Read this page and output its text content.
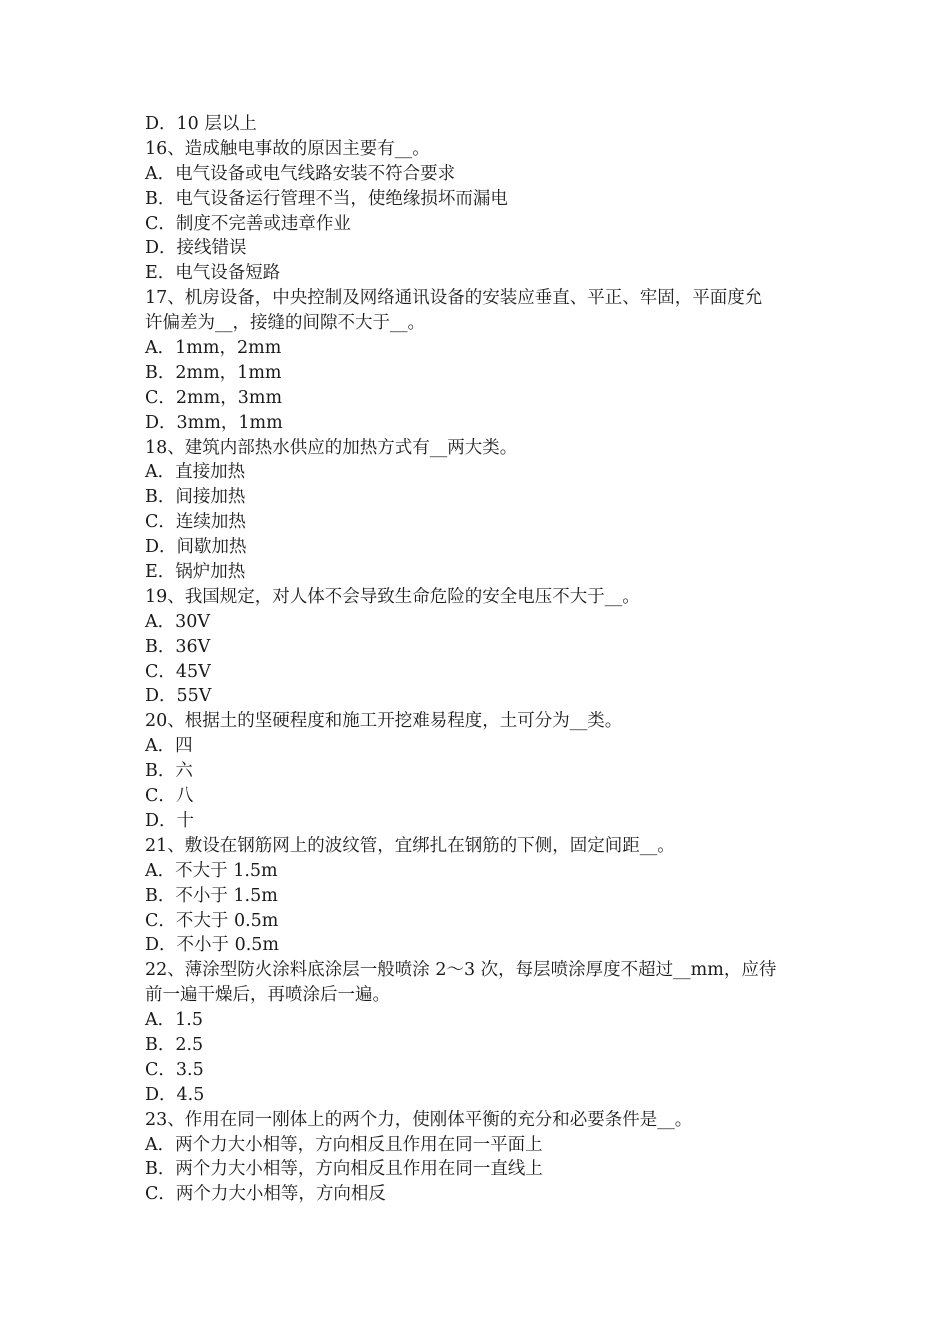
D．10 层以上
16、造成触电事故的原因主要有__。
A．电气设备或电气线路安装不符合要求
B．电气设备运行管理不当，使绝缘损坏而漏电
C．制度不完善或违章作业
D．接线错误
E．电气设备短路
17、机房设备，中央控制及网络通讯设备的安装应垂直、平正、牢固，平面度允
许偏差为__，接缝的间隙不大于__。
A．1mm，2mm
B．2mm，1mm
C．2mm，3mm
D．3mm，1mm
18、建筑内部热水供应的加热方式有__两大类。
A．直接加热
B．间接加热
C．连续加热
D．间歇加热
E．锅炉加热
19、我国规定，对人体不会导致生命危险的安全电压不大于__。
A．30V
B．36V
C．45V
D．55V
20、根据土的坚硬程度和施工开挖难易程度，土可分为__类。
A．四
B．六
C．八
D．十
21、敷设在钢筋网上的波纹管，宜绑扎在钢筋的下侧，固定间距__。
A．不大于 1.5m
B．不小于 1.5m
C．不大于 0.5m
D．不小于 0.5m
22、薄涂型防火涂料底涂层一般喷涂 2～3 次，每层喷涂厚度不超过__mm，应待
前一遍干燥后，再喷涂后一遍。
A．1.5
B．2.5
C．3.5
D．4.5
23、作用在同一刚体上的两个力，使刚体平衡的充分和必要条件是__。
A．两个力大小相等，方向相反且作用在同一平面上
B．两个力大小相等，方向相反且作用在同一直线上
C．两个力大小相等，方向相反
